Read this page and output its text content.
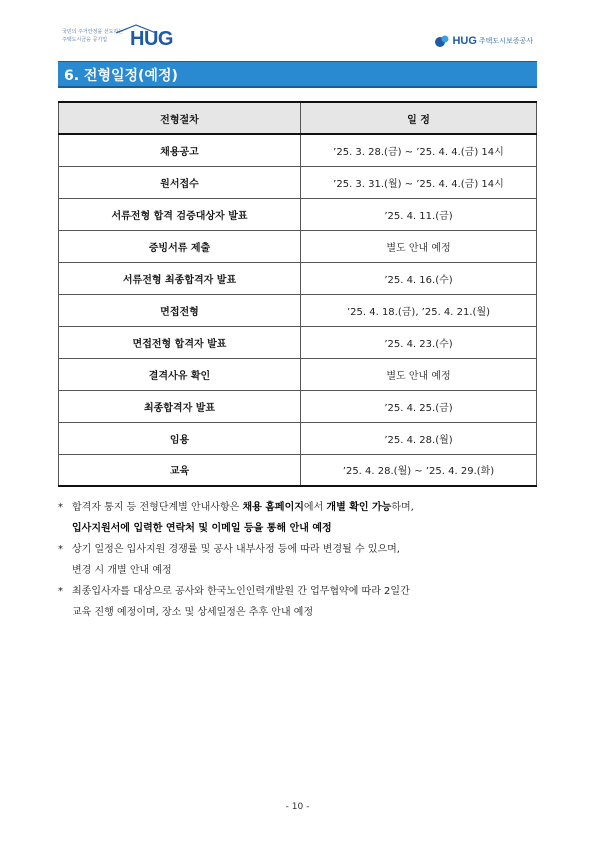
국민의 주거안정을 선도하는
주택도시금융 공기업 HUG	HUG 주택도시보증공사
6. 전형일정(예정)
전형절차	일 정
채용공고	’25. 3. 28.(금) ~ ’25. 4. 4.(금) 14시
원서접수	’25. 3. 31.(월) ~ ’25. 4. 4.(금) 14시
서류전형 합격 검증대상자 발표	’25. 4. 11.(금)
증빙서류 제출	별도 안내 예정
서류전형 최종합격자 발표	’25. 4. 16.(수)
면접전형	’25. 4. 18.(금), ’25. 4. 21.(월)
면접전형 합격자 발표	’25. 4. 23.(수)
결격사유 확인	별도 안내 예정
최종합격자 발표	’25. 4. 25.(금)
임용	’25. 4. 28.(월)
교육	’25. 4. 28.(월) ~ ’25. 4. 29.(화)
* 합격자 통지 등 전형단계별 안내사항은 채용 홈페이지에서 개별 확인 가능하며,
입사지원서에 입력한 연락처 및 이메일 등을 통해 안내 예정
* 상기 일정은 입사지원 경쟁률 및 공사 내부사정 등에 따라 변경될 수 있으며,
변경 시 개별 안내 예정
* 최종입사자를 대상으로 공사와 한국노인인력개발원 간 업무협약에 따라 2일간
교육 진행 예정이며, 장소 및 상세일정은 추후 안내 예정
- 10 -
